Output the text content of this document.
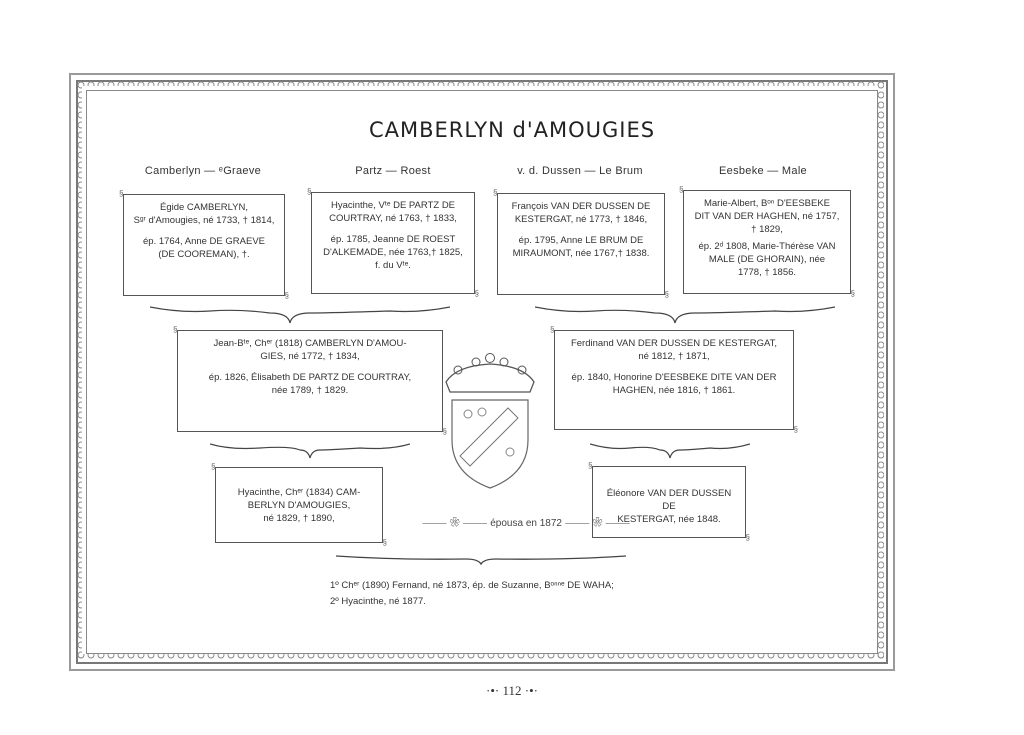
CAMBERLYN d'AMOUGIES
Camberlyn — ᵉGraeve	Partz — Roest	v. d. Dussen — Le Brum	Eesbeke — Male

§ Égide CAMBERLYN,

Sᵍʳ d'Amougies, né 1733, † 1814,

ép. 1764, Anne DE GRAEVE

(DE COOREMAN), †.

§

§ Hyacinthe, Vᵗᵉ DE PARTZ DE

COURTRAY, né 1763, † 1833,

ép. 1785, Jeanne DE ROEST

D'ALKEMADE, née 1763,† 1825,

f. du Vᵗᵉ.

§

§ François VAN DER DUSSEN DE

KESTERGAT, né 1773, † 1846,

ép. 1795, Anne LE BRUM DE

MIRAUMONT, née 1767,† 1838.

§

§ Marie-Albert, Bᵒⁿ D'EESBEKE

DIT VAN DER HAGHEN, né 1757,

† 1829,

ép. 2ᵈ 1808, Marie-Thérèse VAN

MALE (DE GHORAIN), née

1778, † 1856.

§

§ Jean-Bᵗᵉ, Chᵉʳ (1818) CAMBERLYN D'AMOU-

GIES, né 1772, † 1834,

ép. 1826, Élisabeth DE PARTZ DE COURTRAY,

née 1789, † 1829.

§

§ Ferdinand VAN DER DUSSEN DE KESTERGAT,

né 1812, † 1871,

ép. 1840, Honorine D'EESBEKE DITE VAN DER

HAGHEN, née 1816, † 1861.

§

§ Hyacinthe, Chᵉʳ (1834) CAM-

BERLYN D'AMOUGIES,

né 1829, † 1890,

§

§ Éléonore VAN DER DUSSEN DE

KESTERGAT, née 1848.

§
⸻ ❀ ⸻ épousa en 1872 ⸻ ❀ ⸻
1º Chᵉʳ (1890) Fernand, né 1873, ép. de Suzanne, Bᵒⁿⁿᵉ DE WAHA;
2º Hyacinthe, né 1877.
·•· 112 ·•·
